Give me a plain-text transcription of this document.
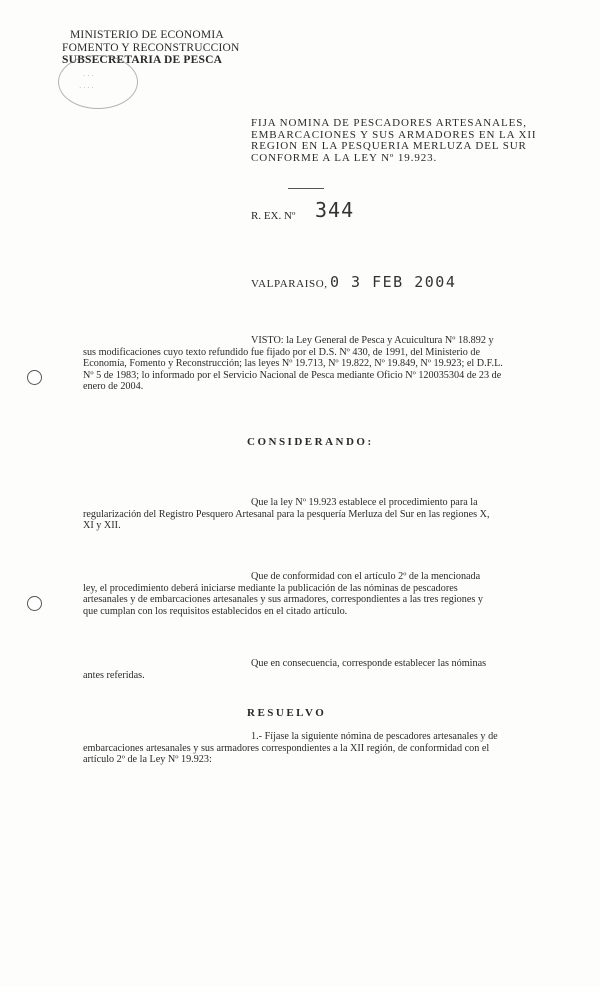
MINISTERIO DE ECONOMIA
FOMENTO Y RECONSTRUCCION
SUBSECRETARIA DE PESCA
· · ·
· · · ·
FIJA NOMINA DE PESCADORES ARTESANALES,
EMBARCACIONES Y SUS ARMADORES EN LA XII
REGION EN LA PESQUERIA MERLUZA DEL SUR
CONFORME A LA LEY Nº 19.923.
R. EX. Nº 344
VALPARAISO, 0 3 FEB 2004
VISTO: la Ley General de Pesca y Acuicultura Nº 18.892 y
sus modificaciones cuyo texto refundido fue fijado por el D.S. Nº 430, de 1991, del Ministerio de
Economía, Fomento y Reconstrucción; las leyes Nº 19.713, Nº 19.822, Nº 19.849, Nº 19.923; el D.F.L.
Nº 5 de 1983; lo informado por el Servicio Nacional de Pesca mediante Oficio Nº 120035304 de 23 de
enero de 2004.
CONSIDERANDO:
Que la ley Nº 19.923 establece el procedimiento para la
regularización del Registro Pesquero Artesanal para la pesquería Merluza del Sur en las regiones X,
XI y XII.
Que de conformidad con el artículo 2º de la mencionada
ley, el procedimiento deberá iniciarse mediante la publicación de las nóminas de pescadores
artesanales y de embarcaciones artesanales y sus armadores, correspondientes a las tres regiones y
que cumplan con los requisitos establecidos en el citado artículo.
Que en consecuencia, corresponde establecer las nóminas
antes referidas.
RESUELVO
1.- Fíjase la siguiente nómina de pescadores artesanales y de
embarcaciones artesanales y sus armadores correspondientes a la XII región, de conformidad con el
artículo 2º de la Ley Nº 19.923:
